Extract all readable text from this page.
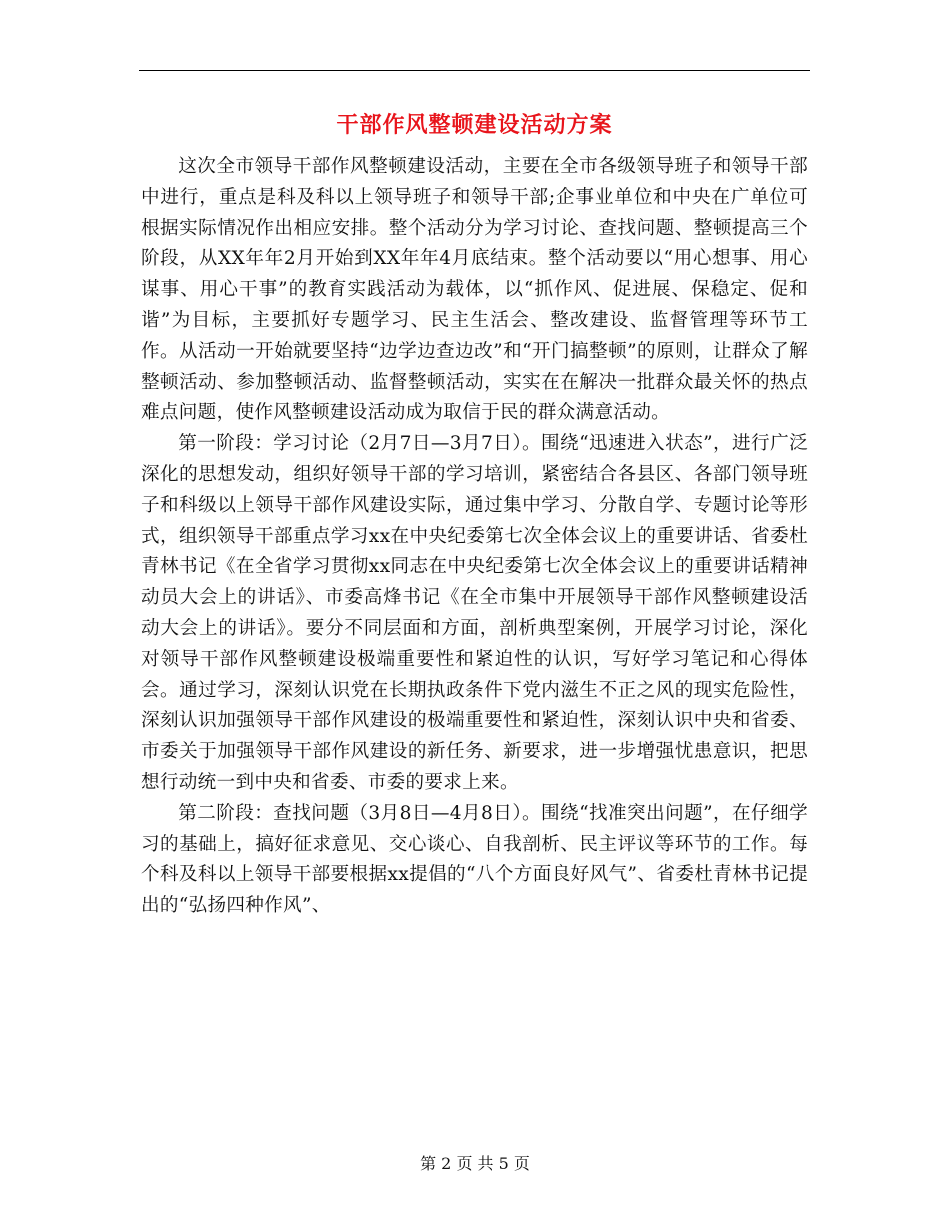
干部作风整顿建设活动方案

这次全市领导干部作风整顿建设活动，主要在全市各级领导班子和领导干部中进行，重点是科及科以上领导班子和领导干部;企事业单位和中央在广单位可根据实际情况作出相应安排。整个活动分为学习讨论、查找问题、整顿提高三个阶段，从XX年年2月开始到XX年年4月底结束。整个活动要以“用心想事、用心谋事、用心干事”的教育实践活动为载体，以“抓作风、促进展、保稳定、促和谐”为目标，主要抓好专题学习、民主生活会、整改建设、监督管理等环节工作。从活动一开始就要坚持“边学边查边改”和“开门搞整顿”的原则，让群众了解整顿活动、参加整顿活动、监督整顿活动，实实在在解决一批群众最关怀的热点难点问题，使作风整顿建设活动成为取信于民的群众满意活动。

第一阶段：学习讨论（2月7日—3月7日）。围绕“迅速进入状态”，进行广泛深化的思想发动，组织好领导干部的学习培训，紧密结合各县区、各部门领导班子和科级以上领导干部作风建设实际，通过集中学习、分散自学、专题讨论等形式，组织领导干部重点学习xx在中央纪委第七次全体会议上的重要讲话、省委杜青林书记《在全省学习贯彻xx同志在中央纪委第七次全体会议上的重要讲话精神动员大会上的讲话》、市委高烽书记《在全市集中开展领导干部作风整顿建设活动大会上的讲话》。要分不同层面和方面，剖析典型案例，开展学习讨论，深化对领导干部作风整顿建设极端重要性和紧迫性的认识，写好学习笔记和心得体会。通过学习，深刻认识党在长期执政条件下党内滋生不正之风的现实危险性，深刻认识加强领导干部作风建设的极端重要性和紧迫性，深刻认识中央和省委、市委关于加强领导干部作风建设的新任务、新要求，进一步增强忧患意识，把思想行动统一到中央和省委、市委的要求上来。

第二阶段：查找问题（3月8日—4月8日）。围绕“找准突出问题”，在仔细学习的基础上，搞好征求意见、交心谈心、自我剖析、民主评议等环节的工作。每个科及科以上领导干部要根据xx提倡的“八个方面良好风气”、省委杜青林书记提出的“弘扬四种作风”、

第 2 页 共 5 页
